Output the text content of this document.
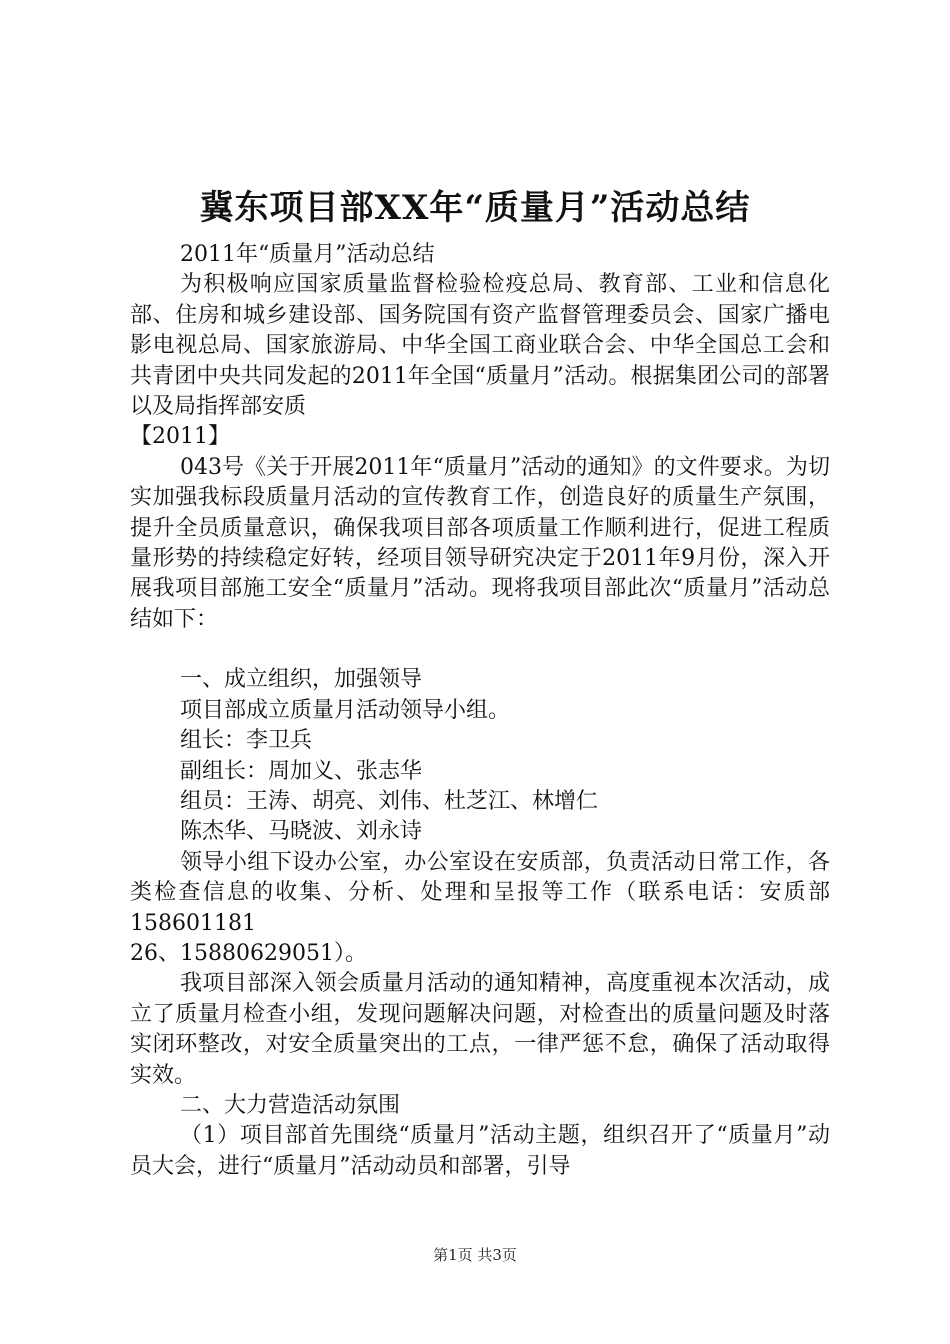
冀东项目部XX年“质量月”活动总结

2011年“质量月”活动总结

为积极响应国家质量监督检验检疫总局、教育部、工业和信息化部、住房和城乡建设部、国务院国有资产监督管理委员会、国家广播电影电视总局、国家旅游局、中华全国工商业联合会、中华全国总工会和共青团中央共同发起的2011年全国“质量月”活动。根据集团公司的部署以及局指挥部安质

【2011】

043号《关于开展2011年“质量月”活动的通知》的文件要求。为切实加强我标段质量月活动的宣传教育工作，创造良好的质量生产氛围，提升全员质量意识，确保我项目部各项质量工作顺利进行，促进工程质量形势的持续稳定好转，经项目领导研究决定于2011年9月份，深入开展我项目部施工安全“质量月”活动。现将我项目部此次“质量月”活动总结如下：

一、成立组织，加强领导

项目部成立质量月活动领导小组。

组长：李卫兵

副组长：周加义、张志华

组员：王涛、胡亮、刘伟、杜芝江、林增仁

陈杰华、马晓波、刘永诗

领导小组下设办公室，办公室设在安质部，负责活动日常工作，各类检查信息的收集、分析、处理和呈报等工作（联系电话：安质部158601181

26、15880629051）。

我项目部深入领会质量月活动的通知精神，高度重视本次活动，成立了质量月检查小组，发现问题解决问题，对检查出的质量问题及时落实闭环整改，对安全质量突出的工点，一律严惩不怠，确保了活动取得实效。

二、大力营造活动氛围

（1）项目部首先围绕“质量月”活动主题，组织召开了“质量月”动员大会，进行“质量月”活动动员和部署，引导

第1页 共3页
